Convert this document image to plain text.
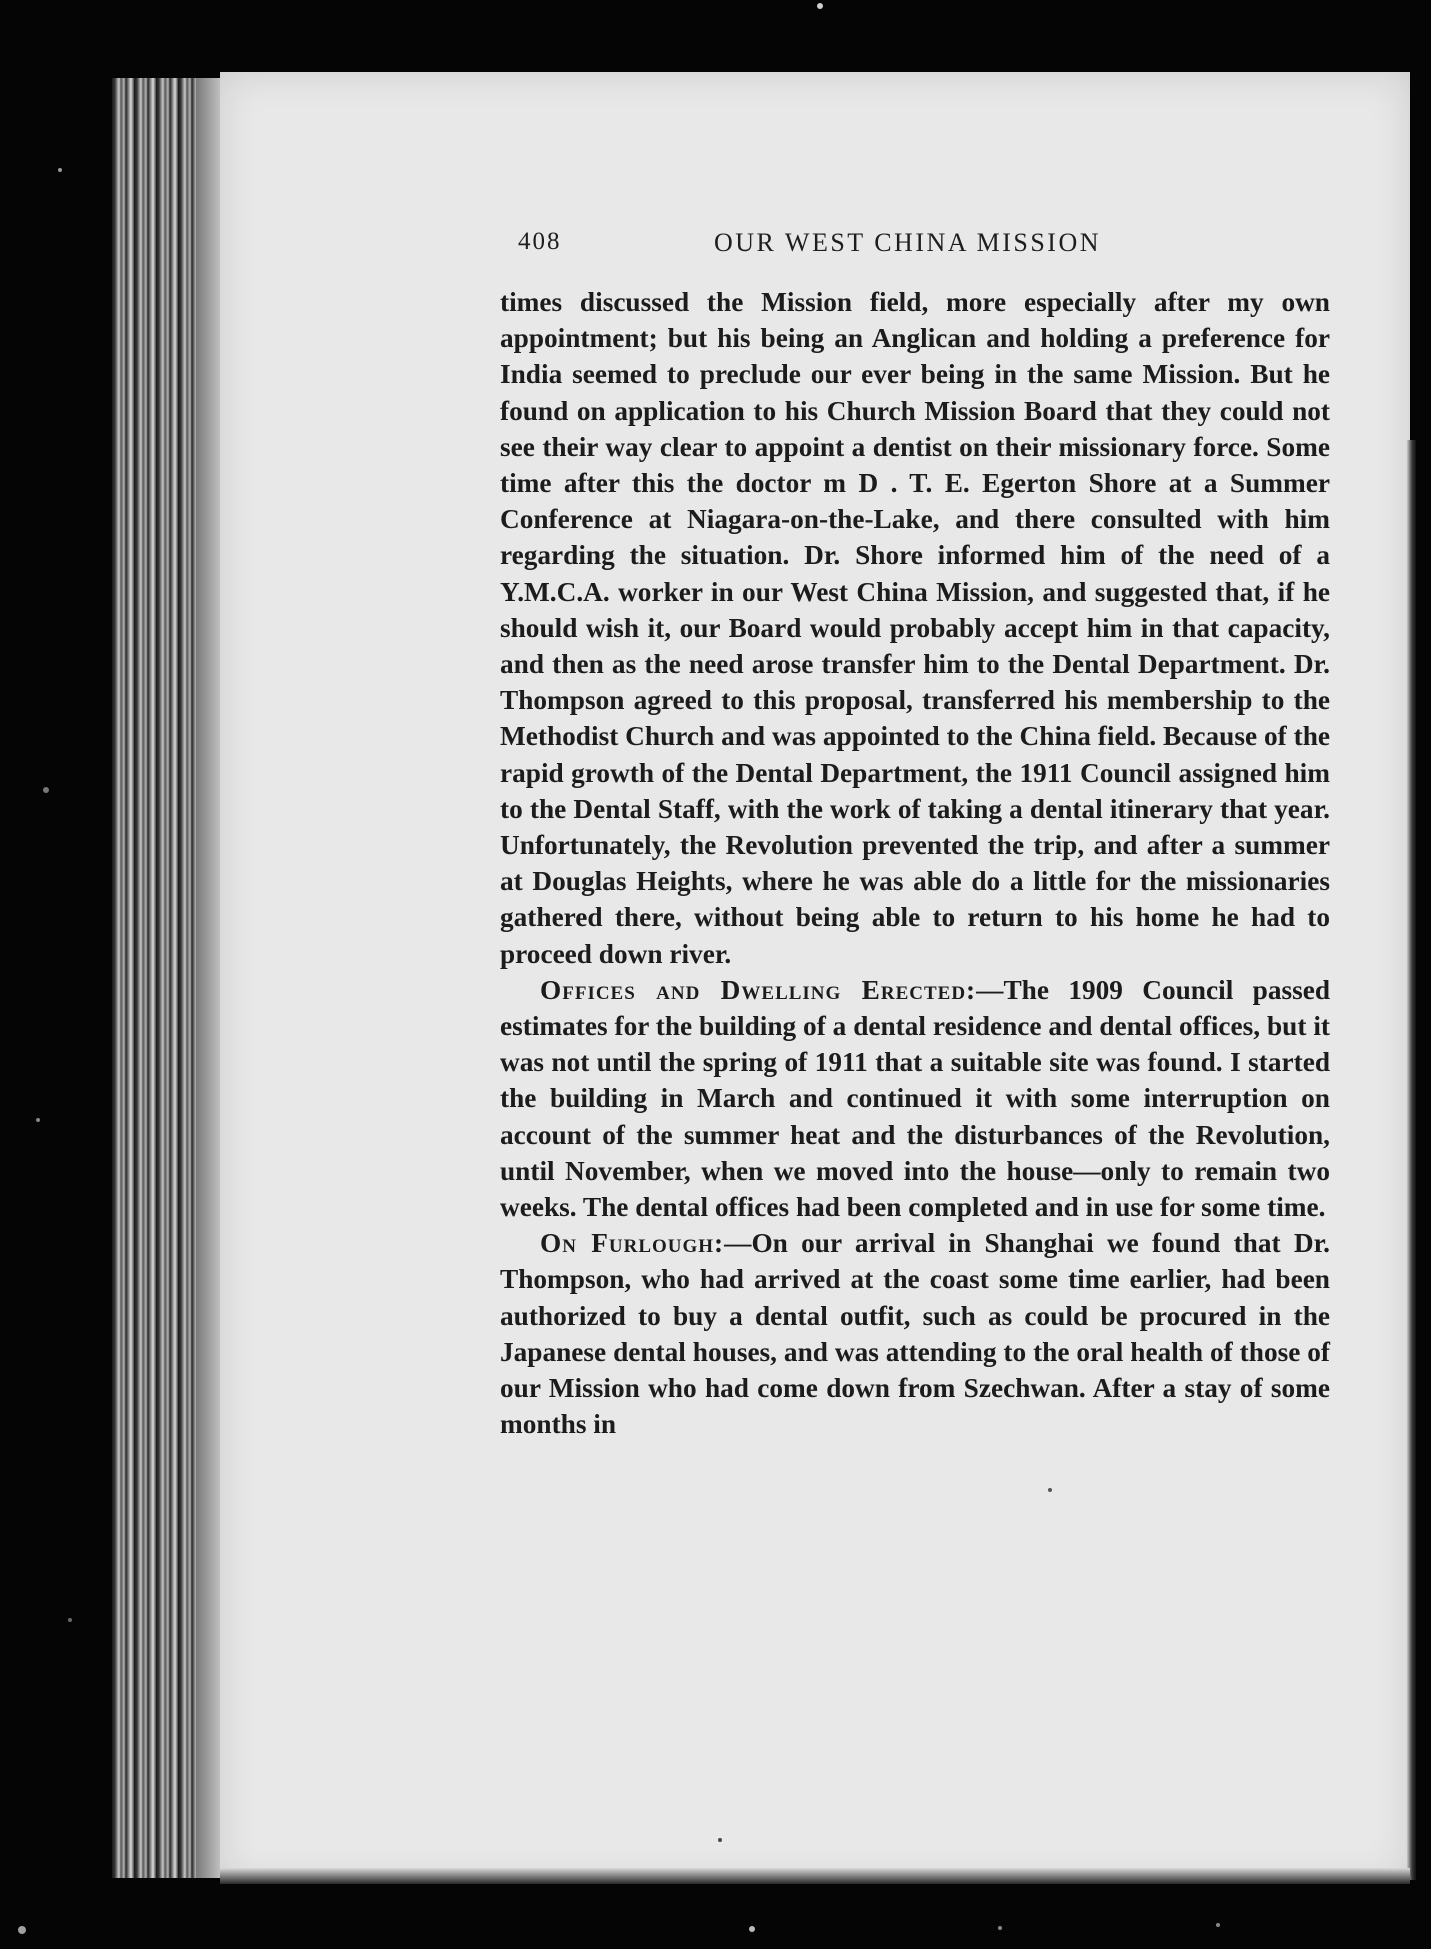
408	OUR WEST CHINA MISSION

times discussed the Mission field, more especially after my own appointment; but his being an Anglican and holding a preference for India seemed to preclude our ever being in the same Mission. But he found on application to his Church Mission Board that they could not see their way clear to appoint a dentist on their missionary force. Some time after this the doctor m D . T. E. Egerton Shore at a Summer Conference at Niagara-on-the-Lake, and there consulted with him regarding the situation. Dr. Shore informed him of the need of a Y.M.C.A. worker in our West China Mission, and suggested that, if he should wish it, our Board would probably accept him in that capacity, and then as the need arose transfer him to the Dental Department. Dr. Thompson agreed to this proposal, transferred his membership to the Methodist Church and was appointed to the China field. Because of the rapid growth of the Dental Department, the 1911 Council assigned him to the Dental Staff, with the work of taking a dental itinerary that year. Unfortunately, the Revolution prevented the trip, and after a summer at Douglas Heights, where he was able do a little for the missionaries gathered there, without being able to return to his home he had to proceed down river.

Offices and Dwelling Erected:—The 1909 Council passed estimates for the building of a dental residence and dental offices, but it was not until the spring of 1911 that a suitable site was found. I started the building in March and continued it with some interruption on account of the summer heat and the disturbances of the Revolution, until November, when we moved into the house—only to remain two weeks. The dental offices had been completed and in use for some time.

On Furlough:—On our arrival in Shanghai we found that Dr. Thompson, who had arrived at the coast some time earlier, had been authorized to buy a dental outfit, such as could be procured in the Japanese dental houses, and was attending to the oral health of those of our Mission who had come down from Szechwan. After a stay of some months in
